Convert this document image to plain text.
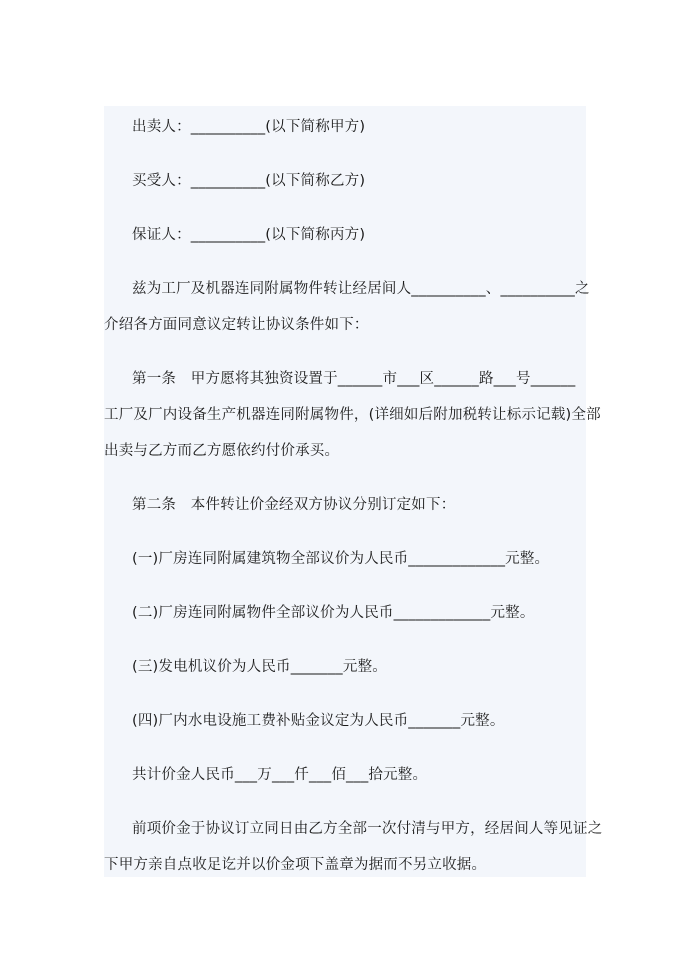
出卖人：__________(以下简称甲方)
买受人：__________(以下简称乙方)
保证人：__________(以下简称丙方)
兹为工厂及机器连同附属物件转让经居间人__________、__________之
介绍各方面同意议定转让协议条件如下：
第一条　甲方愿将其独资设置于______市___区______路___号______
工厂及厂内设备生产机器连同附属物件，(详细如后附加税转让标示记载)全部
出卖与乙方而乙方愿依约付价承买。
第二条　本件转让价金经双方协议分别订定如下：
(一)厂房连同附属建筑物全部议价为人民币_____________元整。
(二)厂房连同附属物件全部议价为人民币_____________元整。
(三)发电机议价为人民币_______元整。
(四)厂内水电设施工费补贴金议定为人民币_______元整。
共计价金人民币___万___仟___佰___拾元整。
前项价金于协议订立同日由乙方全部一次付清与甲方，经居间人等见证之
下甲方亲自点收足讫并以价金项下盖章为据而不另立收据。
